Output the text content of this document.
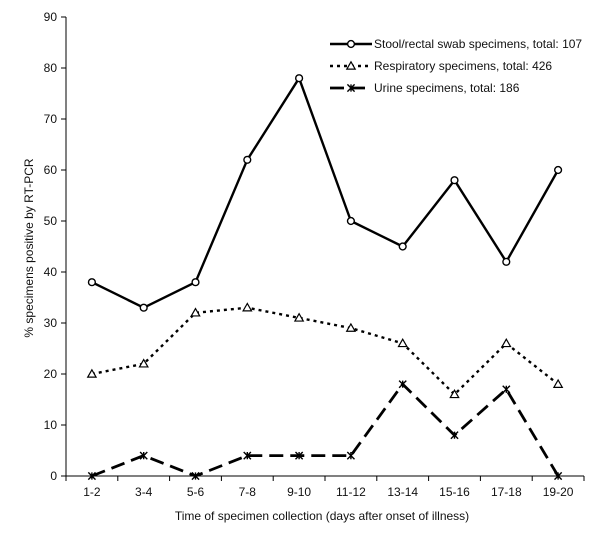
0
10
20
30
40
50
60
70
80
90
1-2	3-4	5-6	7-8	9-10 11-12 13-14 15-16 17-18 19-20
Stool/rectal swab specimens, total: 107
Respiratory specimens, total: 426
Urine specimens, total: 186
% specimens positive by RT-PCR
Time of specimen collection (days after onset of illness)
